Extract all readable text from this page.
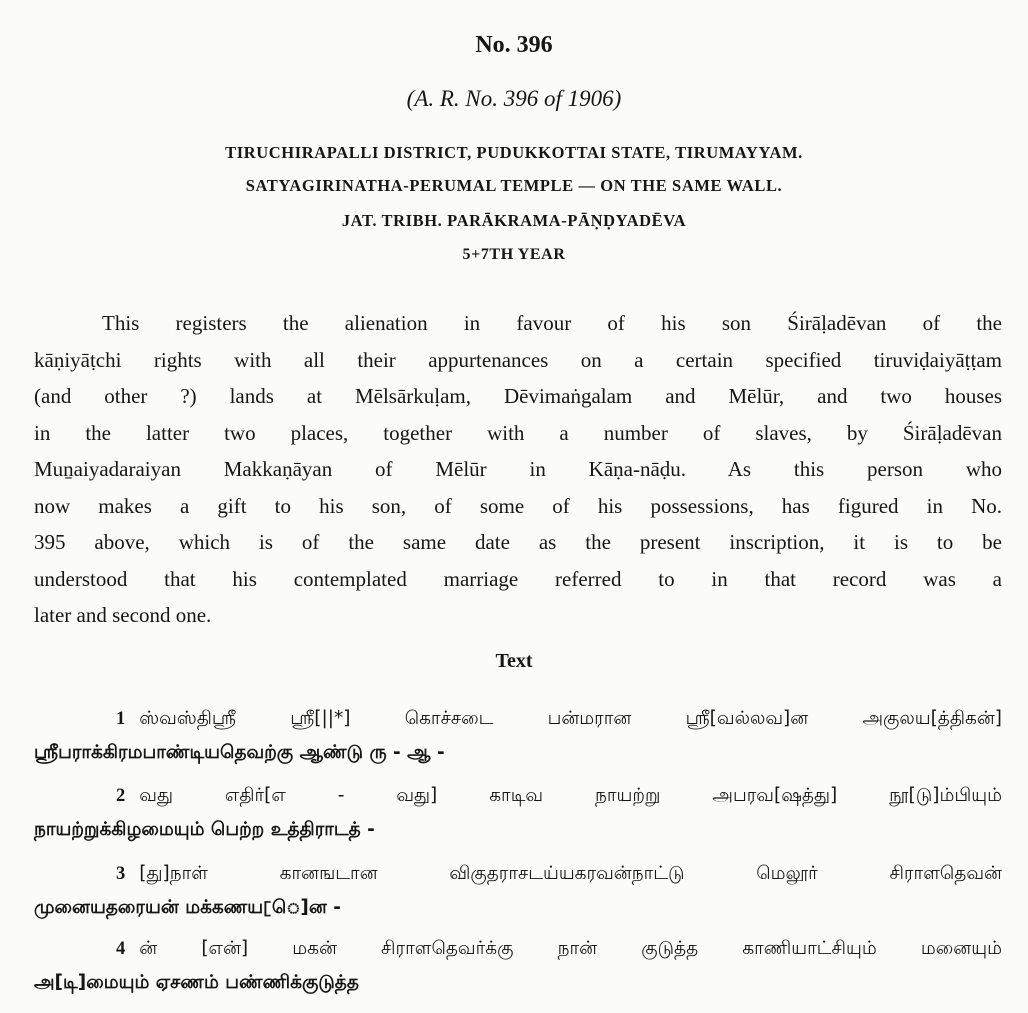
No. 396
(A. R. No. 396 of 1906)
TIRUCHIRAPALLI DISTRICT, PUDUKKOTTAI STATE, TIRUMAYYAM.
SATYAGIRINATHA-PERUMAL TEMPLE — ON THE SAME WALL.
JAT. TRIBH. PARĀKRAMA-PĀṆḌYADĒVA
5+7TH YEAR
This registers the alienation in favour of his son Śirāḷadēvan of the
kāṇiyāṭchi rights with all their appurtenances on a certain specified tiruviḍaiyāṭṭam
(and other ?) lands at Mēlsārkuḷam, Dēvimaṅgalam and Mēlūr, and two houses
in the latter two places, together with a number of slaves, by Śirāḷadēvan
Muṉaiyadaraiyan Makkaṇāyan of Mēlūr in Kāṇa-nāḍu. As this person who
now makes a gift to his son, of some of his possessions, has figured in No.
395 above, which is of the same date as the present inscription, it is to be
understood that his contemplated marriage referred to in that record was a
later and second one.
Text
1 ஸ்வஸ்திஸ்ரீ ஸ்ரீ[||*] கொச்சடை பன்மரான ஸ்ரீ[வல்லவ]ன அகுலய[த்திகன்]
ஸ்ரீபராக்கிரமபாண்டியதெவற்கு ஆண்டு ரு - ஆ -
2 வது எதிர்[எ - வது] காடிவ நாயற்று அபரவ[ஷத்து] நூ[டு]ம்பியும்
நாயற்றுக்கிழமையும் பெற்ற உத்திராடத் -
3 [து]நாள் கானஙடான விகுதராசடய்யகரவன்நாட்டு மெலூர் சிராளதெவன்
முனையதரையன் மக்கணய[ெ]ன -
4 ன் [என்] மகன் சிராளதெவர்க்கு நான் குடுத்த காணியாட்சியும் மனையும்
அ[டி]மையும் ஏசணம் பண்ணிக்குடுத்த
